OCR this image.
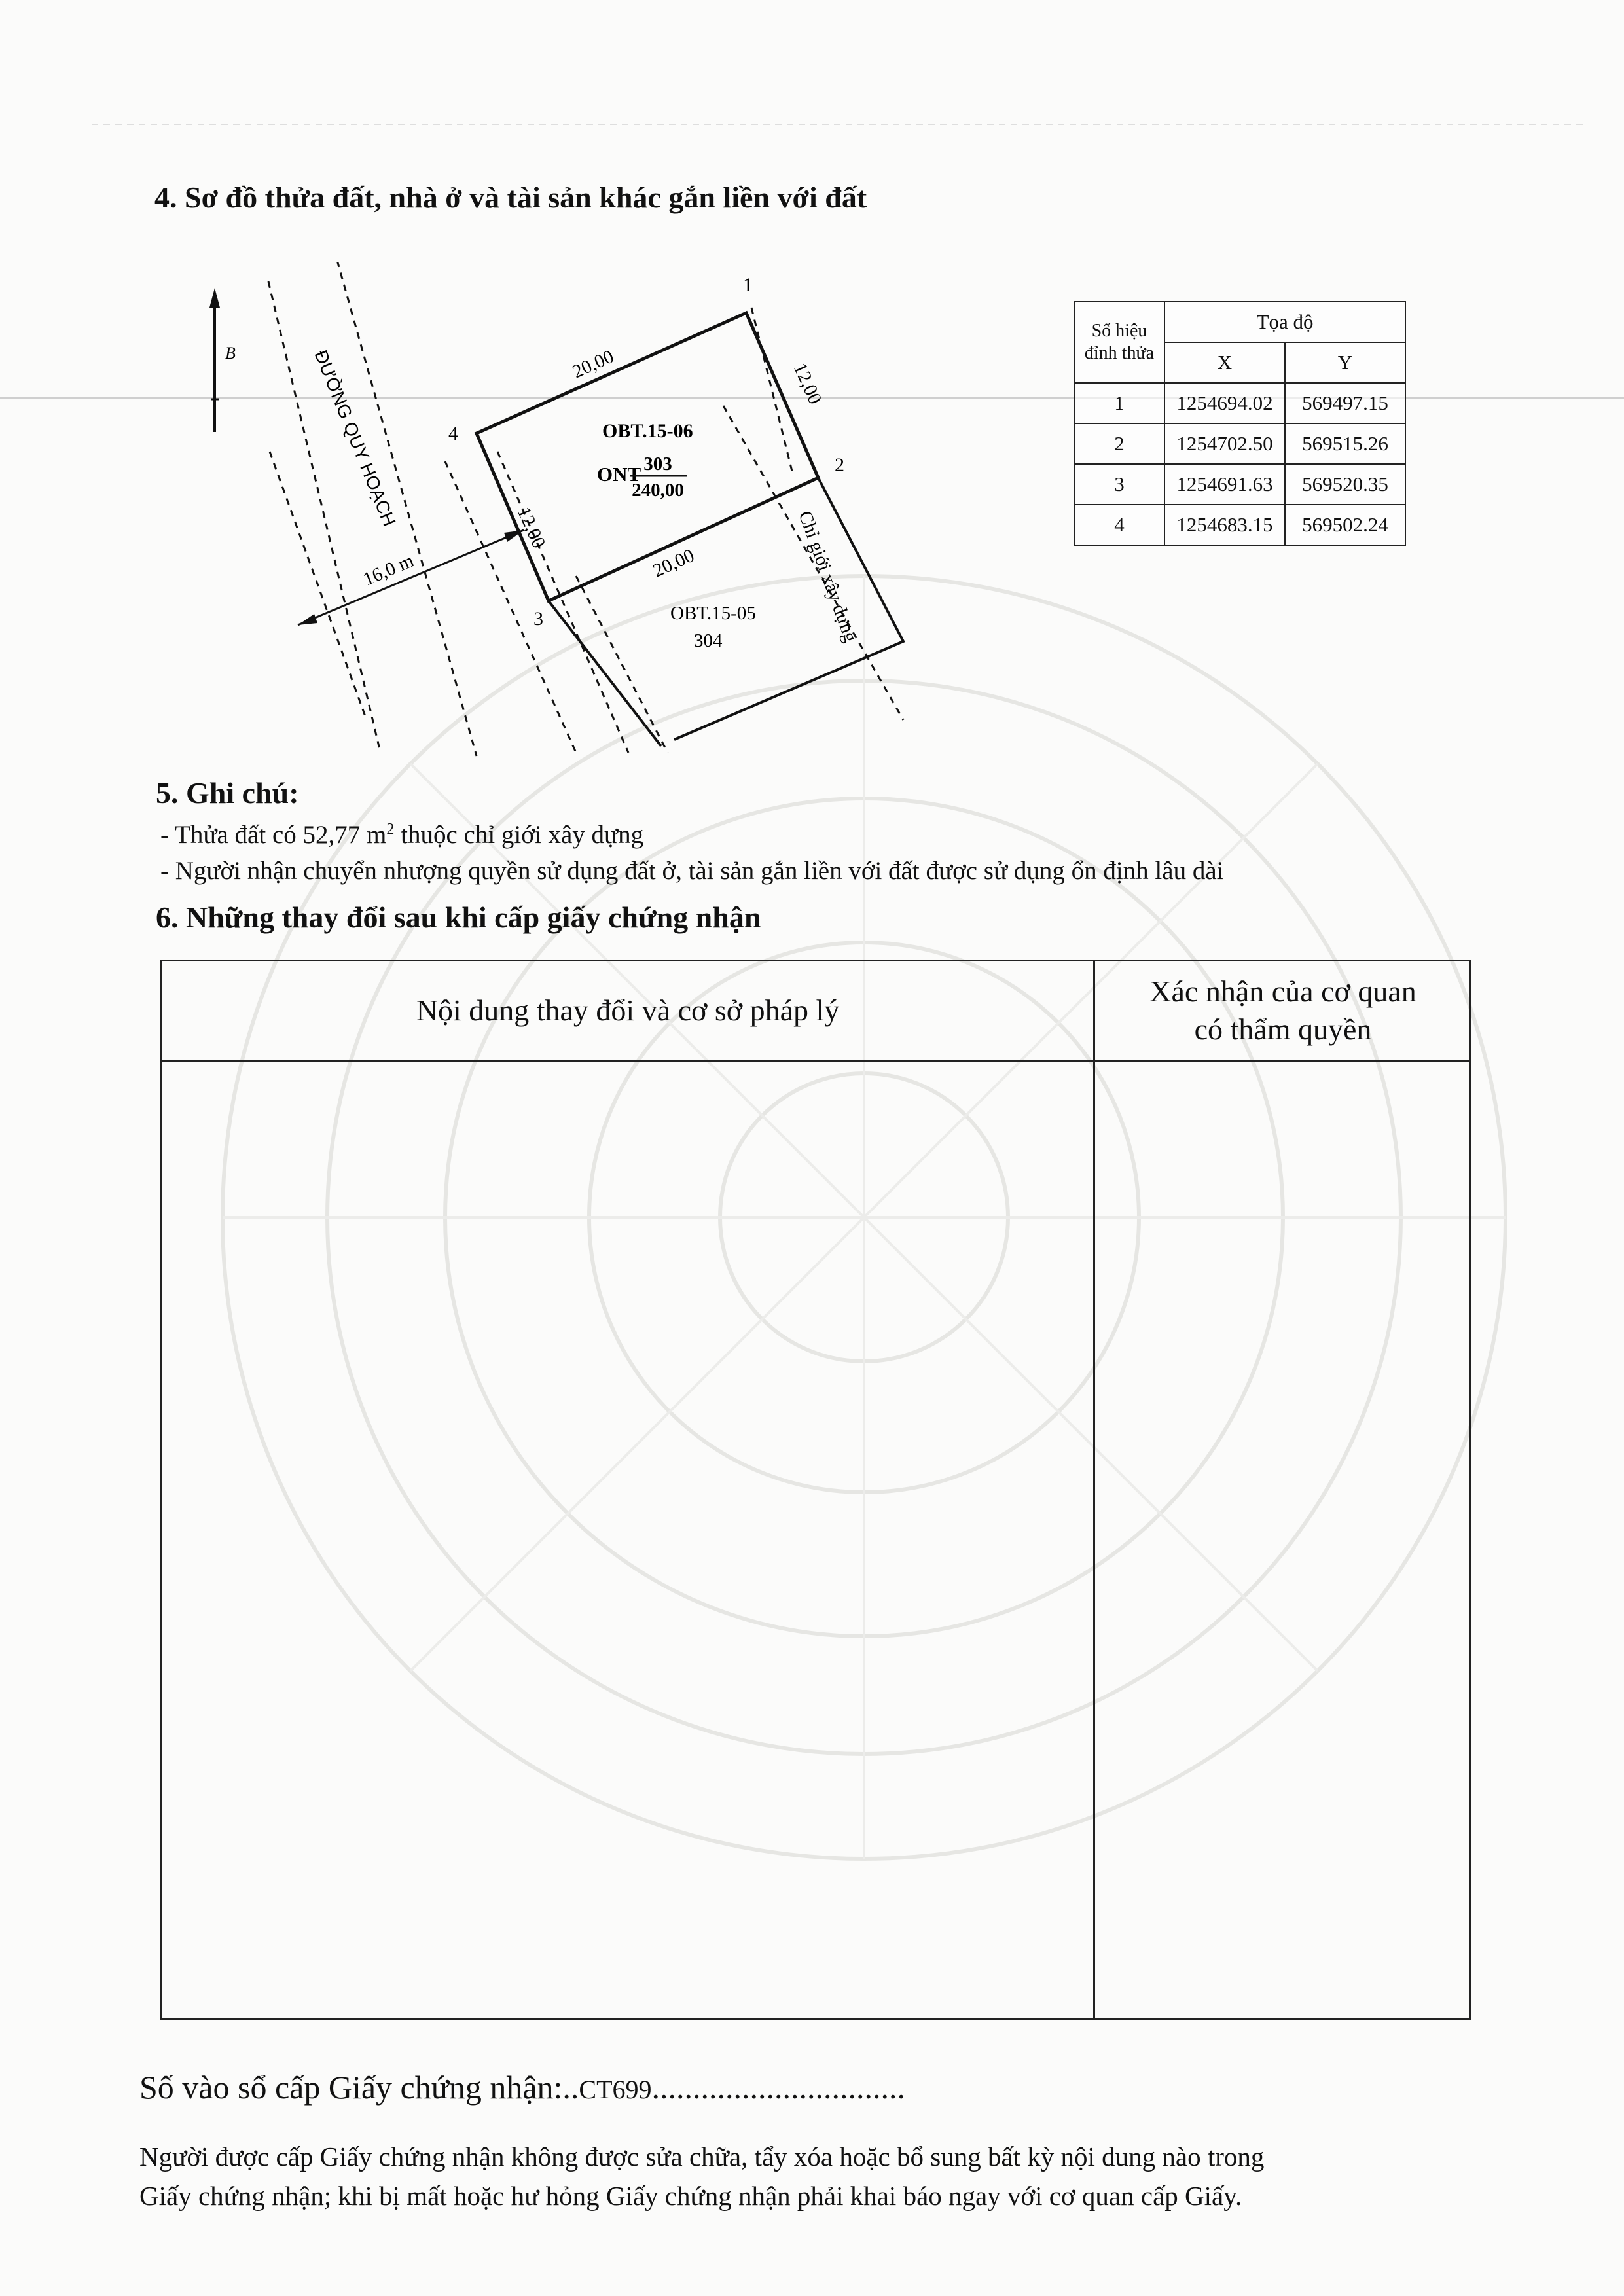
4. Sơ đồ thửa đất, nhà ở và tài sản khác gắn liền với đất
B	ĐƯỜNG QUY HOẠCH
16,0 m
1
2
3
4
20,00	12,00
12,00
20,00
OBT.15-06
ONT 303
240,00
OBT.15-05
304	Chỉ giới xây dựng
Số hiệu đỉnh thửa	Tọa độ	
	X	Y
1	1254694.02	569497.15
2	1254702.50	569515.26
3	1254691.63	569520.35
4	1254683.15	569502.24
5. Ghi chú:
- Thửa đất có 52,77 $m^2$ thuộc chỉ giới xây dựng
- Người nhận chuyển nhượng quyền sử dụng đất ở, tài sản gắn liền với đất được sử dụng ổn định lâu dài
6. Những thay đổi sau khi cấp giấy chứng nhận
Nội dung thay đổi và cơ sở pháp lý
Xác nhận của cơ quan
có thẩm quyền
Số vào sổ cấp Giấy chứng nhận:..CT699...............................
Người được cấp Giấy chứng nhận không được sửa chữa, tẩy xóa hoặc bổ sung bất kỳ nội dung nào trong
Giấy chứng nhận; khi bị mất hoặc hư hỏng Giấy chứng nhận phải khai báo ngay với cơ quan cấp Giấy.
